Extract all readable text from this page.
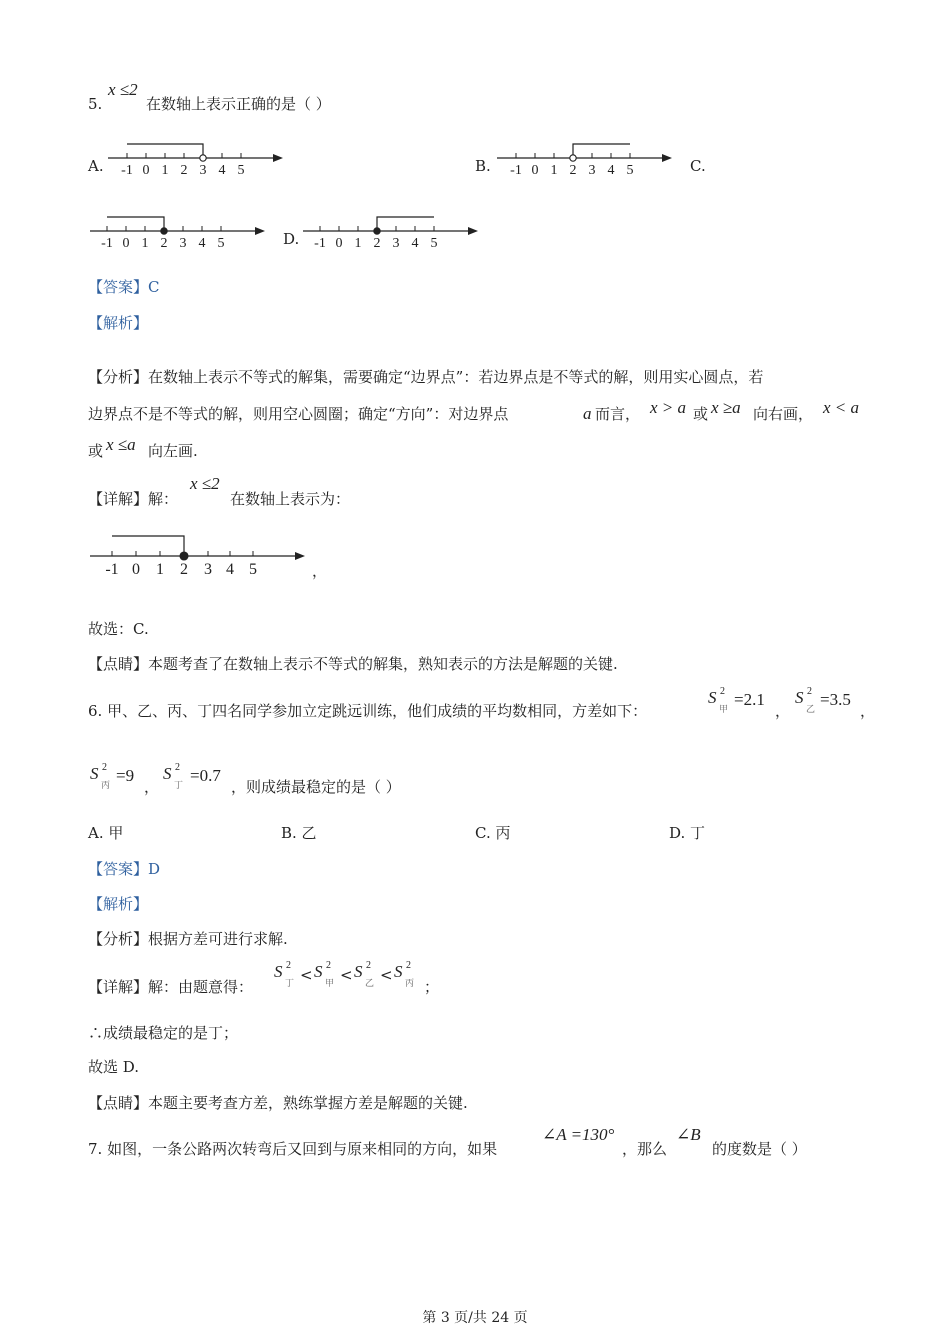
5.
x ≤2
在数轴上表示正确的是（ ）
A. -1 0 1 2 3 4 5	B. -1 0 1 2 3 4 5	C.
-1 0 1 2 3 4 5	D. -1 0 1 2 3 4 5
【答案】C
【解析】
【分析】在数轴上表示不等式的解集，需要确定“边界点”：若边界点是不等式的解，则用实心圆点，若
边界点不是不等式的解，则用空心圆圈；确定“方向”：对边界点	a 而言， x > a 或 x ≥a 向右画， x < a
或 x ≤a 向左画.
【详解】解：
x ≤2
在数轴上表示为：
-1 0 1 2 3 4 5	，
故选：C.
【点睛】本题考查了在数轴上表示不等式的解集，熟知表示的方法是解题的关键.
6. 甲、乙、丙、丁四名同学参加立定跳远训练，他们成绩的平均数相同，方差如下：
S 2
甲
=2.1
，
S 2
乙
=3.5
，
S 2
丙
=9
，
S 2
丁
=0.7
，则成绩最稳定的是（ ）
A. 甲	B. 乙	C. 丙	D. 丁
【答案】D
【解析】
【分析】根据方差可进行求解.
【详解】解：由题意得：
S 2
丁 < S 2
甲 < S 2
乙 < S 2
丙 ；
∴成绩最稳定的是丁；
故选 D.
【点睛】本题主要考查方差，熟练掌握方差是解题的关键.
7. 如图，一条公路两次转弯后又回到与原来相同的方向，如果
∠A =130°
，那么
∠B
的度数是（ ）
第 3 页/共 24 页
